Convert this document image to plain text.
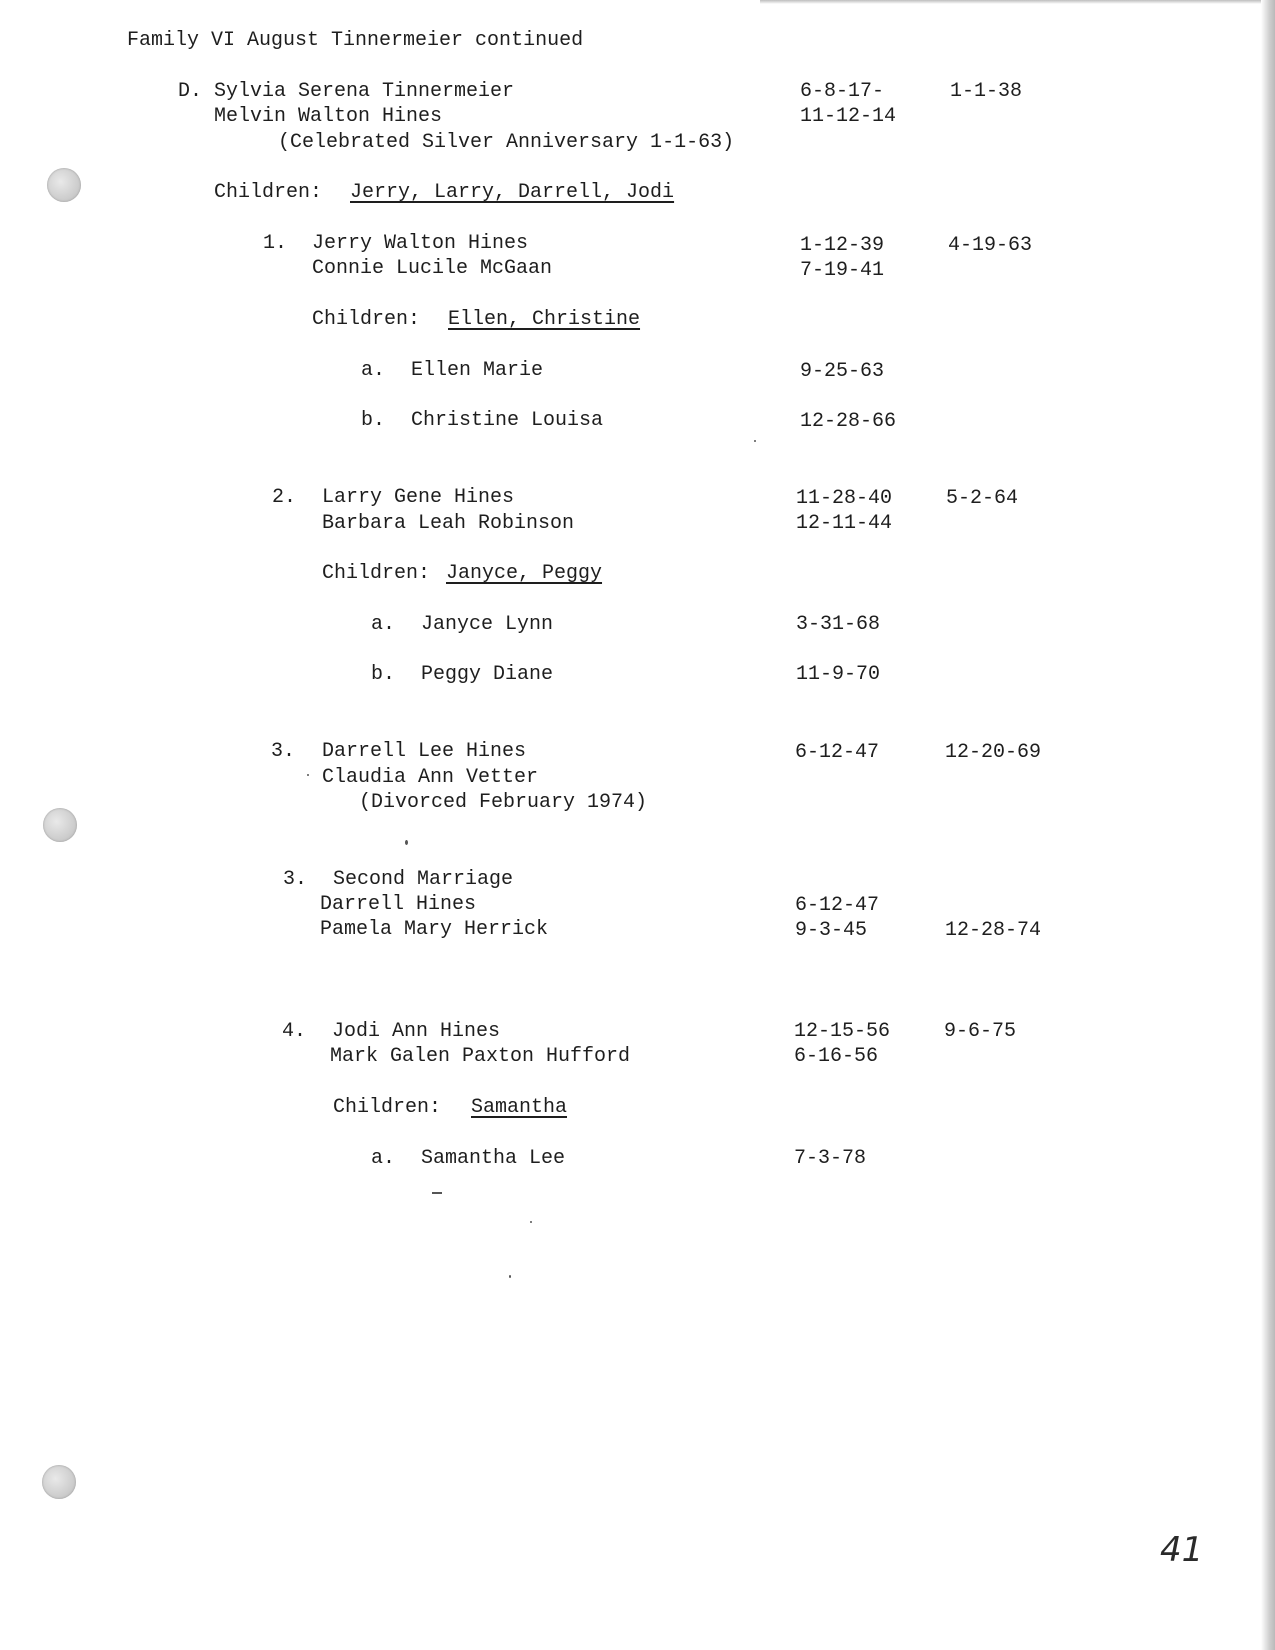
Family VI August Tinnermeier continued
D. Sylvia Serena Tinnermeier	6-8-17-	1-1-38
Melvin Walton Hines	11-12-14
(Celebrated Silver Anniversary 1-1-63)
Children: Jerry, Larry, Darrell, Jodi
1. Jerry Walton Hines	1-12-39	4-19-63
Connie Lucile McGaan	7-19-41
Children: Ellen, Christine
a. Ellen Marie	9-25-63
b. Christine Louisa	12-28-66
2. Larry Gene Hines	11-28-40	5-2-64
Barbara Leah Robinson	12-11-44
Children: Janyce, Peggy
a. Janyce Lynn	3-31-68
b. Peggy Diane	11-9-70
3. Darrell Lee Hines	6-12-47	12-20-69
Claudia Ann Vetter
(Divorced February 1974)
3. Second Marriage
Darrell Hines	6-12-47
Pamela Mary Herrick	9-3-45	12-28-74
4. Jodi Ann Hines	12-15-56	9-6-75
Mark Galen Paxton Hufford	6-16-56
Children: Samantha
a. Samantha Lee	7-3-78
41
